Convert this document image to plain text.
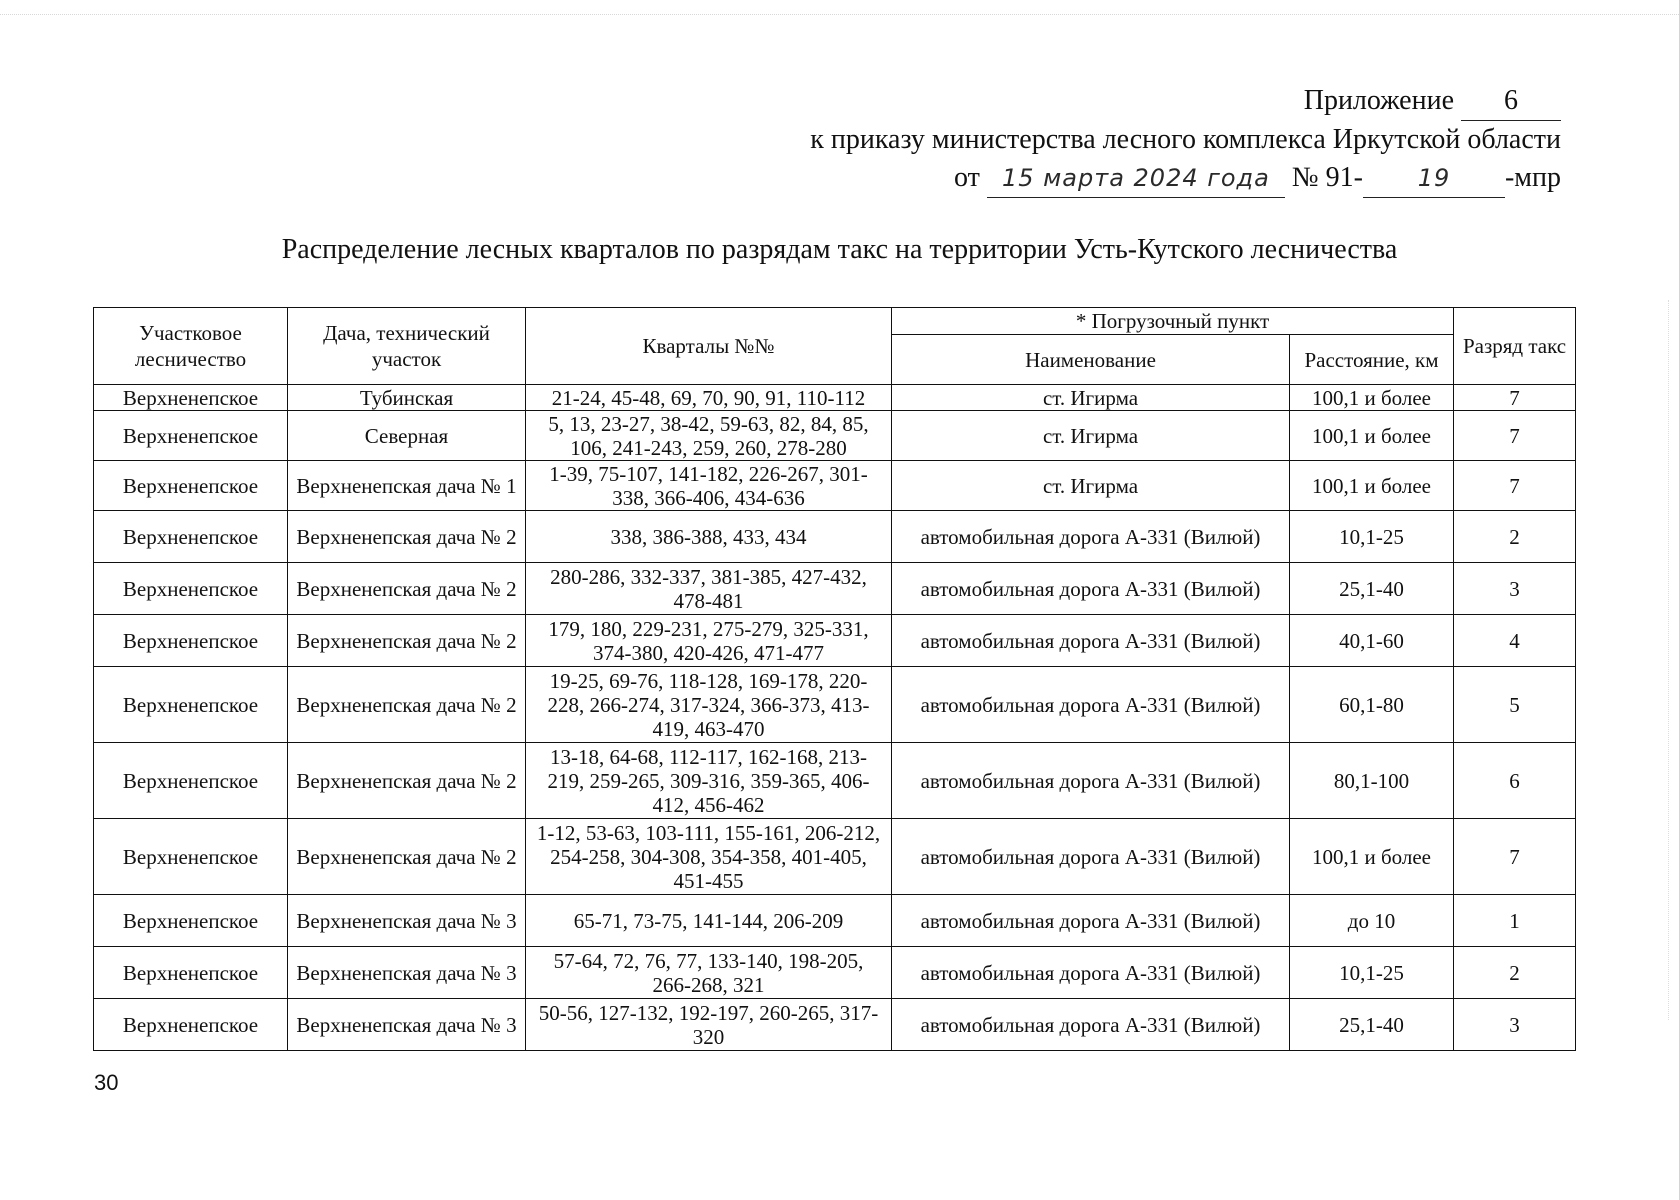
Приложение 6
к приказу министерства лесного комплекса Иркутской области
от 15 марта 2024 года № 91- 19 -мпр
Распределение лесных кварталов по разрядам такс на территории Усть-Кутского лесничества
Участковое лесничество	Дача, технический участок	Кварталы №№	* Погрузочный пункт		Разряд такс
			Наименование	Расстояние, км	
Верхненепское	Тубинская	21-24, 45-48, 69, 70, 90, 91, 110-112	ст. Игирма	100,1 и более	7
Верхненепское	Северная	5, 13, 23-27, 38-42, 59-63, 82, 84, 85, 106, 241-243, 259, 260, 278-280	ст. Игирма	100,1 и более	7
Верхненепское	Верхненепская дача № 1	1-39, 75-107, 141-182, 226-267, 301-338, 366-406, 434-636	ст. Игирма	100,1 и более	7
Верхненепское	Верхненепская дача № 2	338, 386-388, 433, 434	автомобильная дорога А-331 (Вилюй)	10,1-25	2
Верхненепское	Верхненепская дача № 2	280-286, 332-337, 381-385, 427-432, 478-481	автомобильная дорога А-331 (Вилюй)	25,1-40	3
Верхненепское	Верхненепская дача № 2	179, 180, 229-231, 275-279, 325-331, 374-380, 420-426, 471-477	автомобильная дорога А-331 (Вилюй)	40,1-60	4
Верхненепское	Верхненепская дача № 2	19-25, 69-76, 118-128, 169-178, 220-228, 266-274, 317-324, 366-373, 413-419, 463-470	автомобильная дорога А-331 (Вилюй)	60,1-80	5
Верхненепское	Верхненепская дача № 2	13-18, 64-68, 112-117, 162-168, 213-219, 259-265, 309-316, 359-365, 406-412, 456-462	автомобильная дорога А-331 (Вилюй)	80,1-100	6
Верхненепское	Верхненепская дача № 2	1-12, 53-63, 103-111, 155-161, 206-212, 254-258, 304-308, 354-358, 401-405, 451-455	автомобильная дорога А-331 (Вилюй)	100,1 и более	7
Верхненепское	Верхненепская дача № 3	65-71, 73-75, 141-144, 206-209	автомобильная дорога А-331 (Вилюй)	до 10	1
Верхненепское	Верхненепская дача № 3	57-64, 72, 76, 77, 133-140, 198-205, 266-268, 321	автомобильная дорога А-331 (Вилюй)	10,1-25	2
Верхненепское	Верхненепская дача № 3	50-56, 127-132, 192-197, 260-265, 317-320	автомобильная дорога А-331 (Вилюй)	25,1-40	3
30
